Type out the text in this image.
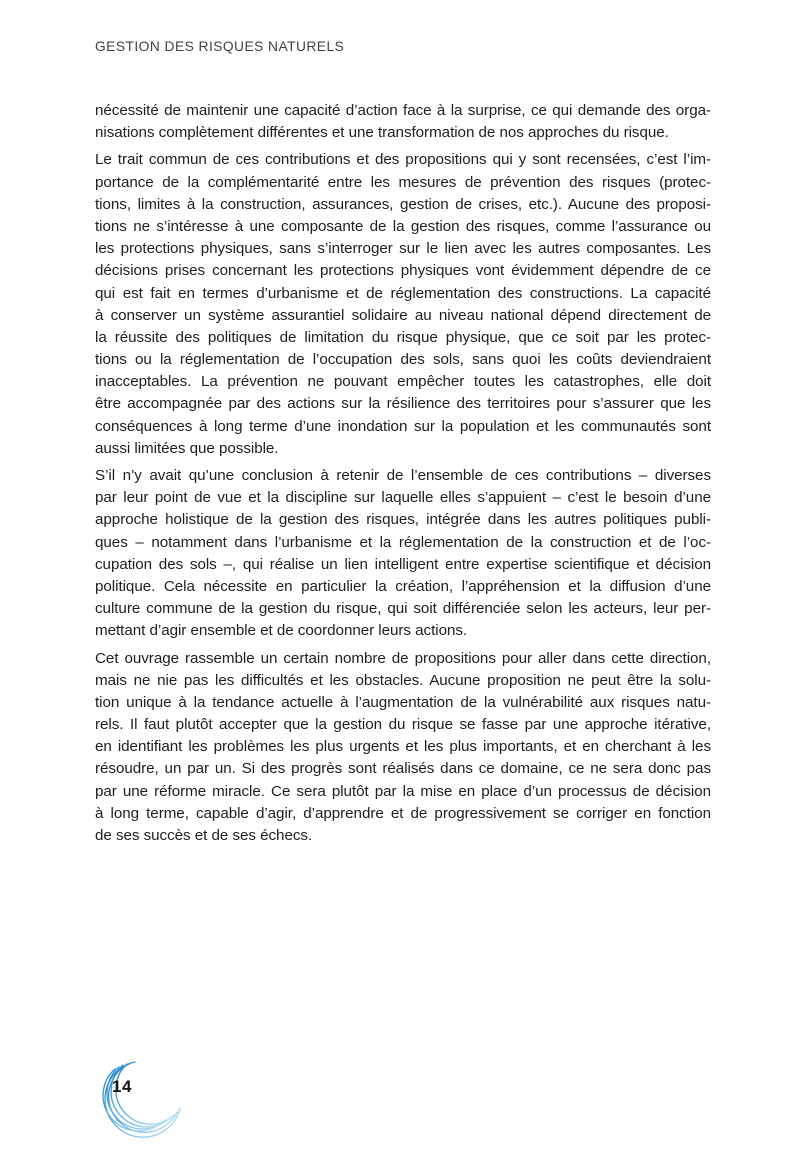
GESTION DES RISQUES NATURELS

nécessité de maintenir une capacité d’action face à la surprise, ce qui demande des orga-
nisations complètement différentes et une transformation de nos approches du risque.

Le trait commun de ces contributions et des propositions qui y sont recensées, c’est l’im-
portance de la complémentarité entre les mesures de prévention des risques (protec-
tions, limites à la construction, assurances, gestion de crises, etc.). Aucune des proposi-
tions ne s’intéresse à une composante de la gestion des risques, comme l’assurance ou
les protections physiques, sans s’interroger sur le lien avec les autres composantes. Les
décisions prises concernant les protections physiques vont évidemment dépendre de ce
qui est fait en termes d’urbanisme et de réglementation des constructions. La capacité
à conserver un système assurantiel solidaire au niveau national dépend directement de
la réussite des politiques de limitation du risque physique, que ce soit par les protec-
tions ou la réglementation de l’occupation des sols, sans quoi les coûts deviendraient
inacceptables. La prévention ne pouvant empêcher toutes les catastrophes, elle doit
être accompagnée par des actions sur la résilience des territoires pour s’assurer que les
conséquences à long terme d’une inondation sur la population et les communautés sont
aussi limitées que possible.

S’il n’y avait qu’une conclusion à retenir de l’ensemble de ces contributions – diverses
par leur point de vue et la discipline sur laquelle elles s’appuient – c’est le besoin d’une
approche holistique de la gestion des risques, intégrée dans les autres politiques publi-
ques – notamment dans l’urbanisme et la réglementation de la construction et de l’oc-
cupation des sols –, qui réalise un lien intelligent entre expertise scientifique et décision
politique. Cela nécessite en particulier la création, l’appréhension et la diffusion d’une
culture commune de la gestion du risque, qui soit différenciée selon les acteurs, leur per-
mettant d’agir ensemble et de coordonner leurs actions.

Cet ouvrage rassemble un certain nombre de propositions pour aller dans cette direction,
mais ne nie pas les difficultés et les obstacles. Aucune proposition ne peut être la solu-
tion unique à la tendance actuelle à l’augmentation de la vulnérabilité aux risques natu-
rels. Il faut plutôt accepter que la gestion du risque se fasse par une approche itérative,
en identifiant les problèmes les plus urgents et les plus importants, et en cherchant à les
résoudre, un par un. Si des progrès sont réalisés dans ce domaine, ce ne sera donc pas
par une réforme miracle. Ce sera plutôt par la mise en place d’un processus de décision
à long terme, capable d’agir, d’apprendre et de progressivement se corriger en fonction
de ses succès et de ses échecs.

14
